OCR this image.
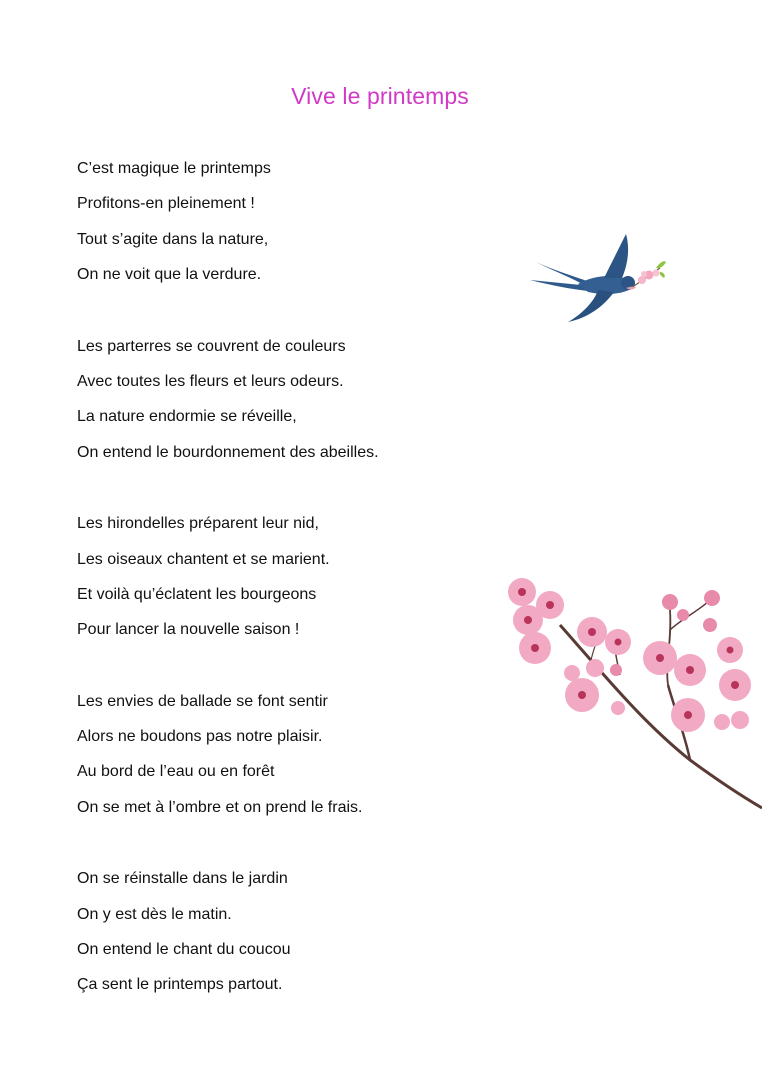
Vive le printemps
C’est magique le printemps
Profitons-en pleinement !
Tout s’agite dans la nature,
On ne voit que la verdure.
Les parterres se couvrent de couleurs
Avec toutes les fleurs et leurs odeurs.
La nature endormie se réveille,
On entend le bourdonnement des abeilles.
Les hirondelles préparent leur nid,
Les oiseaux chantent et se marient.
Et voilà qu’éclatent les bourgeons
Pour lancer la nouvelle saison !
Les envies de ballade se font sentir
Alors ne boudons pas notre plaisir.
Au bord de l’eau ou en forêt
On se met à l’ombre et on prend le frais.
On se réinstalle dans le jardin
On y est dès le matin.
On entend le chant du coucou
Ça sent le printemps partout.
